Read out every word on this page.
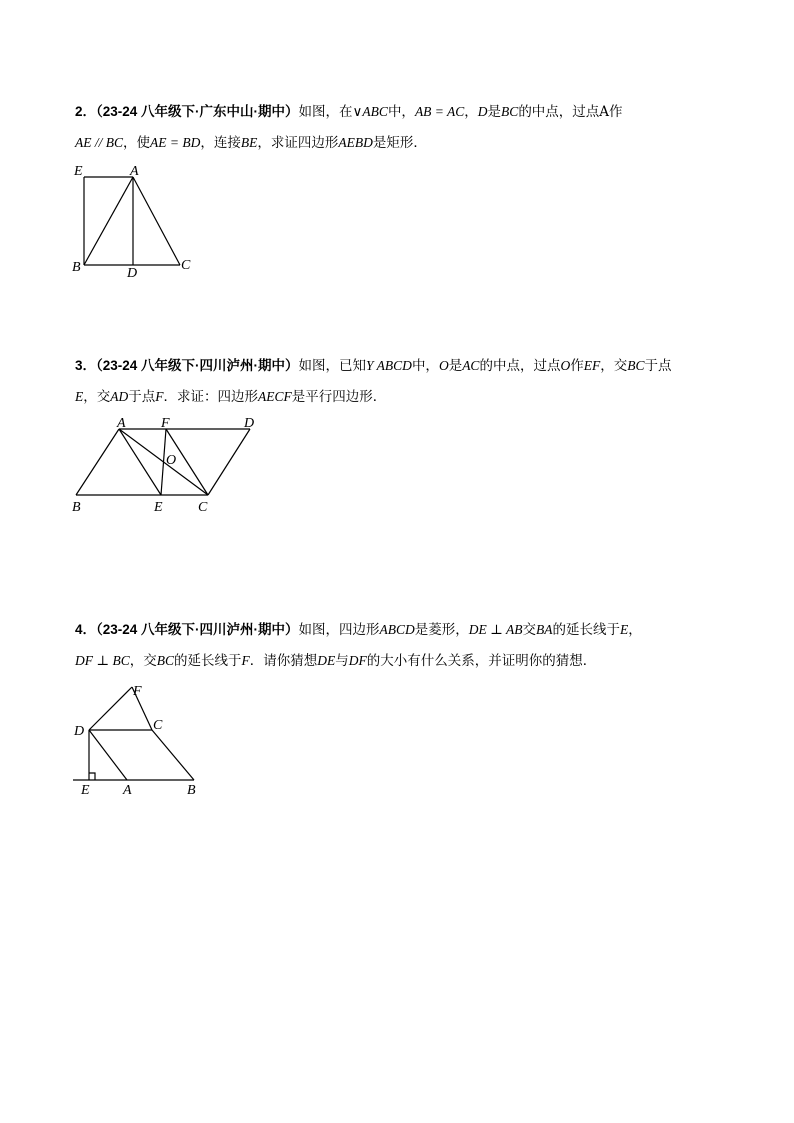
2．（23-24 八年级下·广东中山·期中）如图，在∨ABC中，AB = AC，D是BC的中点，过点A作
AE // BC，使AE = BD，连接BE，求证四边形AEBD是矩形．
E	A
B	D
C
3．（23-24 八年级下·四川泸州·期中）如图，已知Y ABCD中，O是AC的中点，过点O作EF，交BC于点
E，交AD于点F．求证：四边形AECF是平行四边形．
A	F	D
O
B	E	C
4．（23-24 八年级下·四川泸州·期中）如图，四边形ABCD是菱形，DE ⊥ AB交BA的延长线于E，
DF ⊥ BC，交BC的延长线于F．请你猜想DE与DF的大小有什么关系，并证明你的猜想．
F
D	C
E A	B
